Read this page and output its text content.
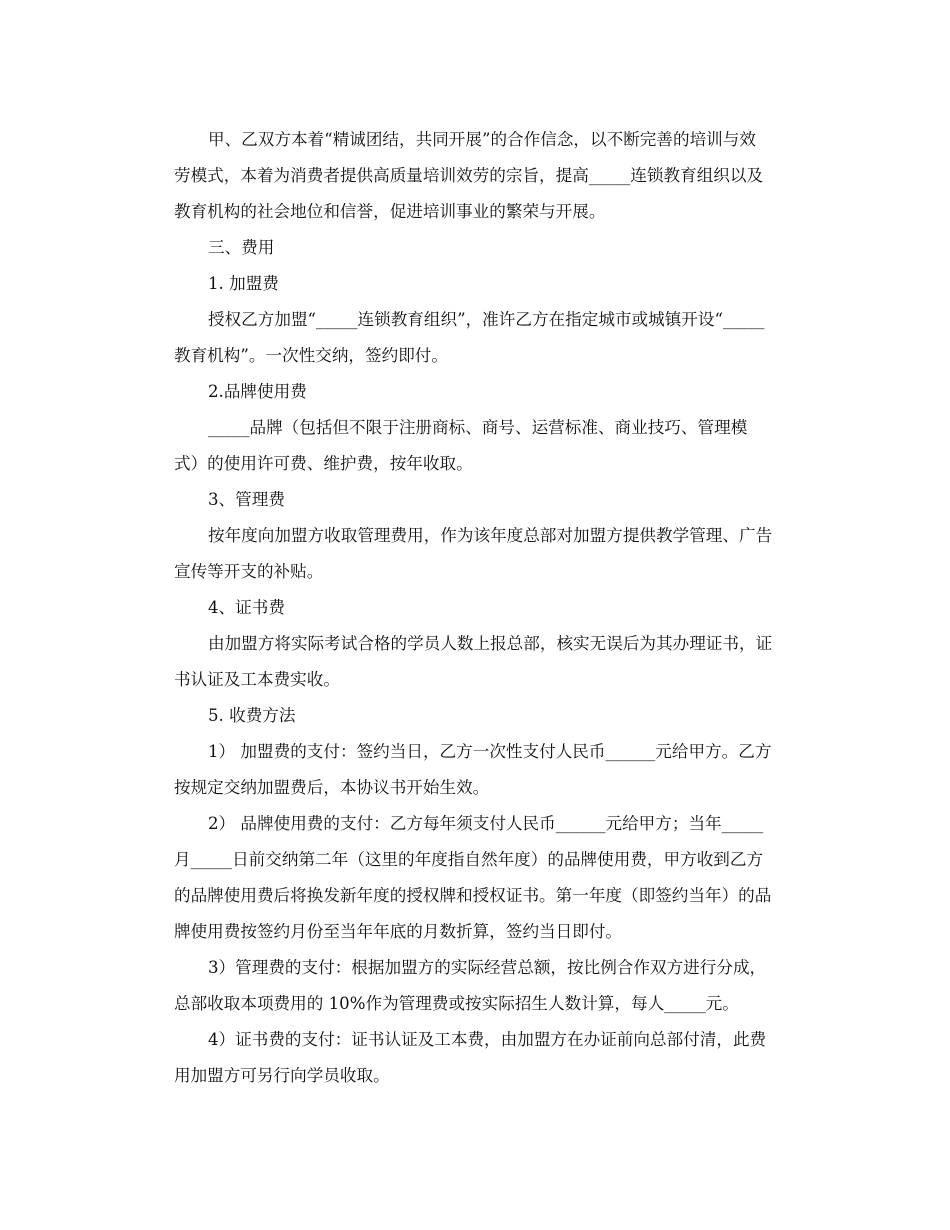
甲、乙双方本着“精诚团结，共同开展”的合作信念，以不断完善的培训与效
劳模式，本着为消费者提供高质量培训效劳的宗旨，提高_____连锁教育组织以及
教育机构的社会地位和信誉，促进培训事业的繁荣与开展。

三、费用

1. 加盟费

授权乙方加盟“_____连锁教育组织”，准许乙方在指定城市或城镇开设“_____
教育机构”。一次性交纳，签约即付。

2.品牌使用费

_____品牌（包括但不限于注册商标、商号、运营标准、商业技巧、管理模
式）的使用许可费、维护费，按年收取。

3、管理费

按年度向加盟方收取管理费用，作为该年度总部对加盟方提供教学管理、广告
宣传等开支的补贴。

4、证书费

由加盟方将实际考试合格的学员人数上报总部，核实无误后为其办理证书，证
书认证及工本费实收。

5. 收费方法

1） 加盟费的支付：签约当日，乙方一次性支付人民币______元给甲方。乙方
按规定交纳加盟费后，本协议书开始生效。

2） 品牌使用费的支付：乙方每年须支付人民币______元给甲方；当年_____
月_____日前交纳第二年（这里的年度指自然年度）的品牌使用费，甲方收到乙方
的品牌使用费后将换发新年度的授权牌和授权证书。第一年度（即签约当年）的品
牌使用费按签约月份至当年年底的月数折算，签约当日即付。

3）管理费的支付：根据加盟方的实际经营总额，按比例合作双方进行分成，
总部收取本项费用的 10%作为管理费或按实际招生人数计算，每人_____元。

4）证书费的支付：证书认证及工本费，由加盟方在办证前向总部付清，此费
用加盟方可另行向学员收取。
